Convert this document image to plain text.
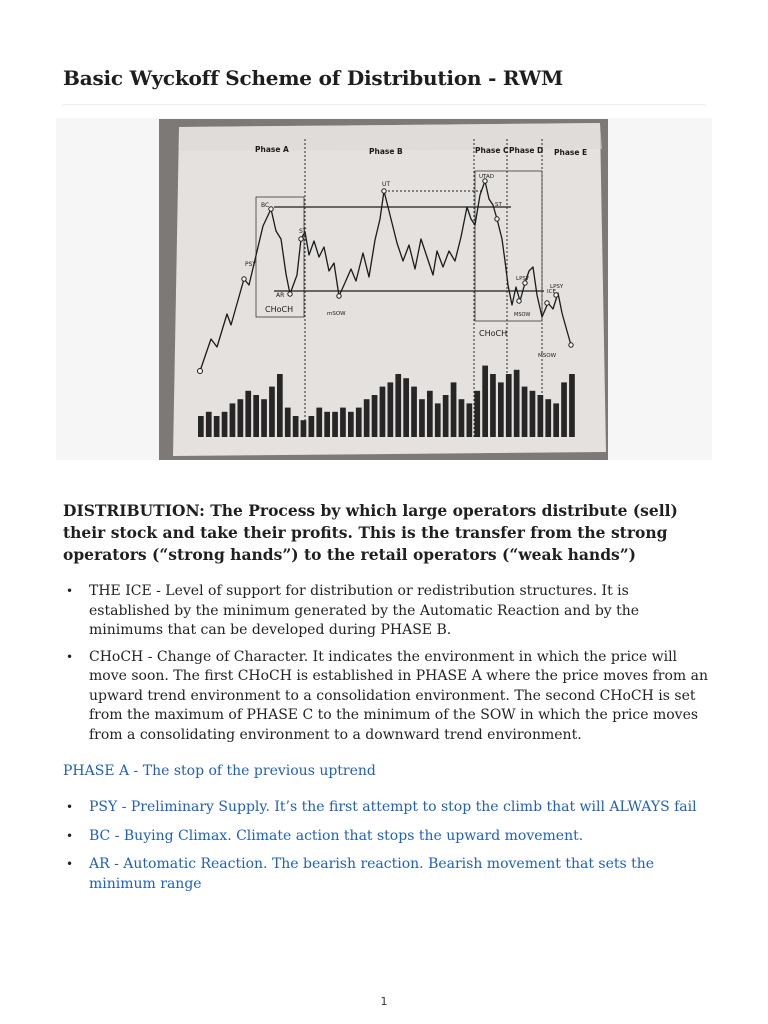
Basic Wyckoff Scheme of Distribution - RWM
Phase A	Phase B	Phase C Phase D Phase E
BC
PSY
AR
ST
CHoCH	mSOW
UT
UTAD
ST
LPSY
ICE
MSOW
CHoCH
LPSY
MSOW

DISTRIBUTION: The Process by which large operators distribute (sell) their stock and take their profits. This is the transfer from the strong operators (“strong hands”) to the retail operators (“weak hands”)

• THE ICE - Level of support for distribution or redistribution structures. It is established by the minimum generated by the Automatic Reaction and by the minimums that can be developed during PHASE B.
• CHoCH - Change of Character. It indicates the environment in which the price will move soon. The first CHoCH is established in PHASE A where the price moves from an upward trend environment to a consolidation environment. The second CHoCH is set from the maximum of PHASE C to the minimum of the SOW in which the price moves from a consolidating environment to a downward trend environment.

PHASE A - The stop of the previous uptrend

• PSY - Preliminary Supply. It’s the first attempt to stop the climb that will ALWAYS fail
• BC - Buying Climax. Climate action that stops the upward movement.
• AR - Automatic Reaction. The bearish reaction. Bearish movement that sets the minimum range
1
